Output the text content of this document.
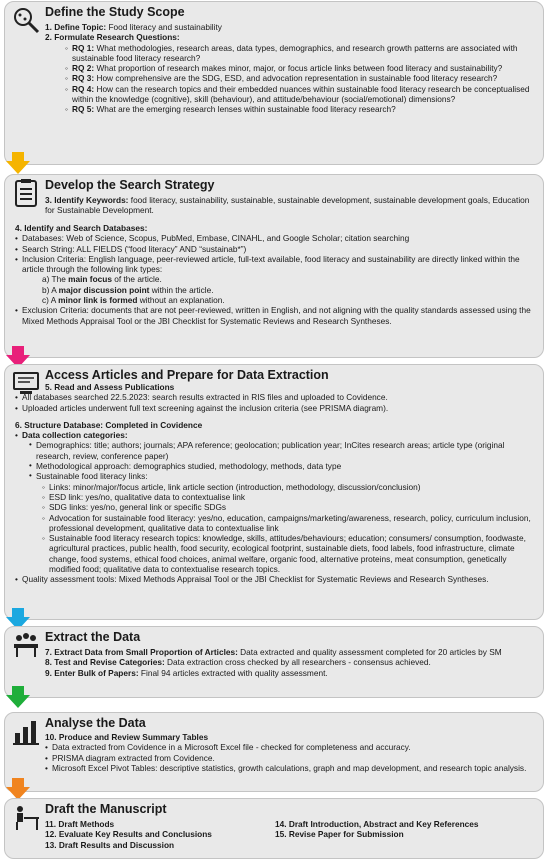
Define the Study Scope

1. Define Topic: Food literacy and sustainability

2. Formulate Research Questions:

◦ RQ 1: What methodologies, research areas, data types, demographics, and research growth patterns are associated with sustainable food literacy research?
◦ RQ 2: What proportion of research makes minor, major, or focus article links between food literacy and sustainability?
◦ RQ 3: How comprehensive are the SDG, ESD, and advocation representation in sustainable food literacy research?
◦ RQ 4: How can the research topics and their embedded nuances within sustainable food literacy research be conceptualised within the knowledge (cognitive), skill (behaviour), and attitude/behaviour (social/emotional) dimensions?
◦ RQ 5: What are the emerging research lenses within sustainable food literacy research?
Develop the Search Strategy

3. Identify Keywords: food literacy, sustainability, sustainable, sustainable development, sustainable development goals, Education for Sustainable Development.

4. Identify and Search Databases:

• Databases: Web of Science, Scopus, PubMed, Embase, CINAHL, and Google Scholar; citation searching
• Search String: ALL FIELDS (“food literacy” AND “sustainab*”)
• Inclusion Criteria: English language, peer-reviewed article, full-text available, food literacy and sustainability are directly linked within the article through the following link types:
a) The main focus of the article.
b) A major discussion point within the article.
c) A minor link is formed without an explanation.
• Exclusion Criteria: documents that are not peer-reviewed, written in English, and not aligning with the quality standards assessed using the Mixed Methods Appraisal Tool or the JBI Checklist for Systematic Reviews and Research Syntheses.
Access Articles and Prepare for Data Extraction

5. Read and Assess Publications

• All databases searched 22.5.2023: search results extracted in RIS files and uploaded to Covidence.
• Uploaded articles underwent full text screening against the inclusion criteria (see PRISMA diagram).

6. Structure Database: Completed in Covidence

• Data collection categories:
• Demographics: title; authors; journals; APA reference; geolocation; publication year; InCites research areas; article type (original research, review, conference paper)
• Methodological approach: demographics studied, methodology, methods, data type
• Sustainable food literacy links:
◦ Links: minor/major/focus article, link article section (introduction, methodology, discussion/conclusion)
◦ ESD link: yes/no, qualitative data to contextualise link
◦ SDG links: yes/no, general link or specific SDGs
◦ Advocation for sustainable food literacy: yes/no, education, campaigns/marketing/awareness, research, policy, curriculum inclusion, professional development, qualitative data to contextualise link
◦ Sustainable food literacy research topics: knowledge, skills, attitudes/behaviours; education; consumers/ consumption, foodwaste, agricultural practices, public health, food security, ecological footprint, sustainable diets, food labels, food infrastructure, climate change, food systems, ethical food choices, animal welfare, organic food, alternative proteins, meat consumption, genetically modified food; qualitative data to contextualise research topics.
• Quality assessment tools: Mixed Methods Appraisal Tool or the JBI Checklist for Systematic Reviews and Research Syntheses.
Extract the Data

7. Extract Data from Small Proportion of Articles: Data extracted and quality assessment completed for 20 articles by SM

8. Test and Revise Categories: Data extraction cross checked by all researchers - consensus achieved.

9. Enter Bulk of Papers: Final 94 articles extracted with quality assessment.

Analyse the Data

10. Produce and Review Summary Tables

• Data extracted from Covidence in a Microsoft Excel file - checked for completeness and accuracy.
• PRISMA diagram extracted from Covidence.
• Microsoft Excel Pivot Tables: descriptive statistics, growth calculations, graph and map development, and research topic analysis.
Draft the Manuscript

11. Draft Methods

12. Evaluate Key Results and Conclusions

13. Draft Results and Discussion

14. Draft Introduction, Abstract and Key References

15. Revise Paper for Submission
